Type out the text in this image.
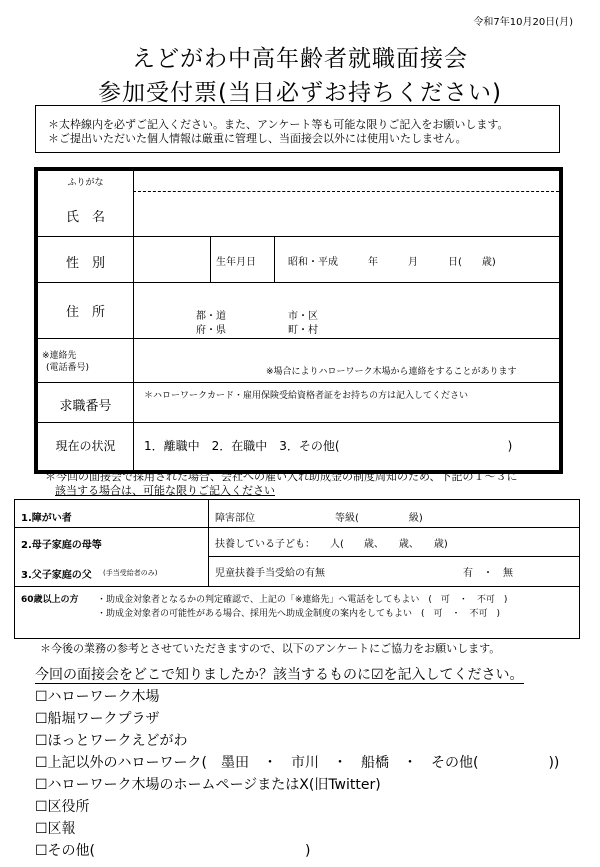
令和7年10月20日(月)
えどがわ中高年齢者就職面接会
参加受付票(当日必ずお持ちください)
＊太枠線内を必ずご記入ください。また、アンケート等も可能な限りご記入をお願いします。
＊ご提出いただいた個人情報は厳重に管理し、当面接会以外には使用いたしません。
ふりがな
氏　名
性　別	生年月日	昭和・平成　　　年　　　月　　　日(　　歳)
住　所	都・道
府・県
市・区
町・村
※連絡先
(電話番号)	※場合によりハローワーク木場から連絡をすることがあります
求職番号
＊ハローワークカード・雇用保険受給資格者証をお持ちの方は記入してください
現在の状況	1．離職中　2．在職中　3．その他(　　　　　　　　　　　　　　)
＊今回の面接会で採用された場合、会社への雇い入れ助成金の制度周知のため、下記の１～３に
該当する場合は、可能な限りご記入ください
1.障がい者	障害部位　　　　　　　　等級(　　　　　級)
2.母子家庭の母等	扶養している子ども：　　人(　　歳、　　歳、　　歳)
3.父子家庭の父 (手当受給者のみ)	児童扶養手当受給の有無	有　・　無
60歳以上の方 ・助成金対象者となるかの判定確認で、上記の「※連絡先」へ電話をしてもよい　(　可　・　不可　)
・助成金対象者の可能性がある場合、採用先へ助成金制度の案内をしてもよい　(　可　・　不可　)
＊今後の業務の参考とさせていただきますので、以下のアンケートにご協力をお願いします。
今回の面接会をどこで知りましたか？該当するものに☑を記入してください。
☐ハローワーク木場
☐船堀ワークプラザ
☐ほっとワークえどがわ
☐上記以外のハローワーク(　墨田　・　市川　・　船橋　・　その他(　　　　　))
☐ハローワーク木場のホームページまたはX(旧Twitter)
☐区役所
☐区報
☐その他(　　　　　　　　　　　　　　　)
